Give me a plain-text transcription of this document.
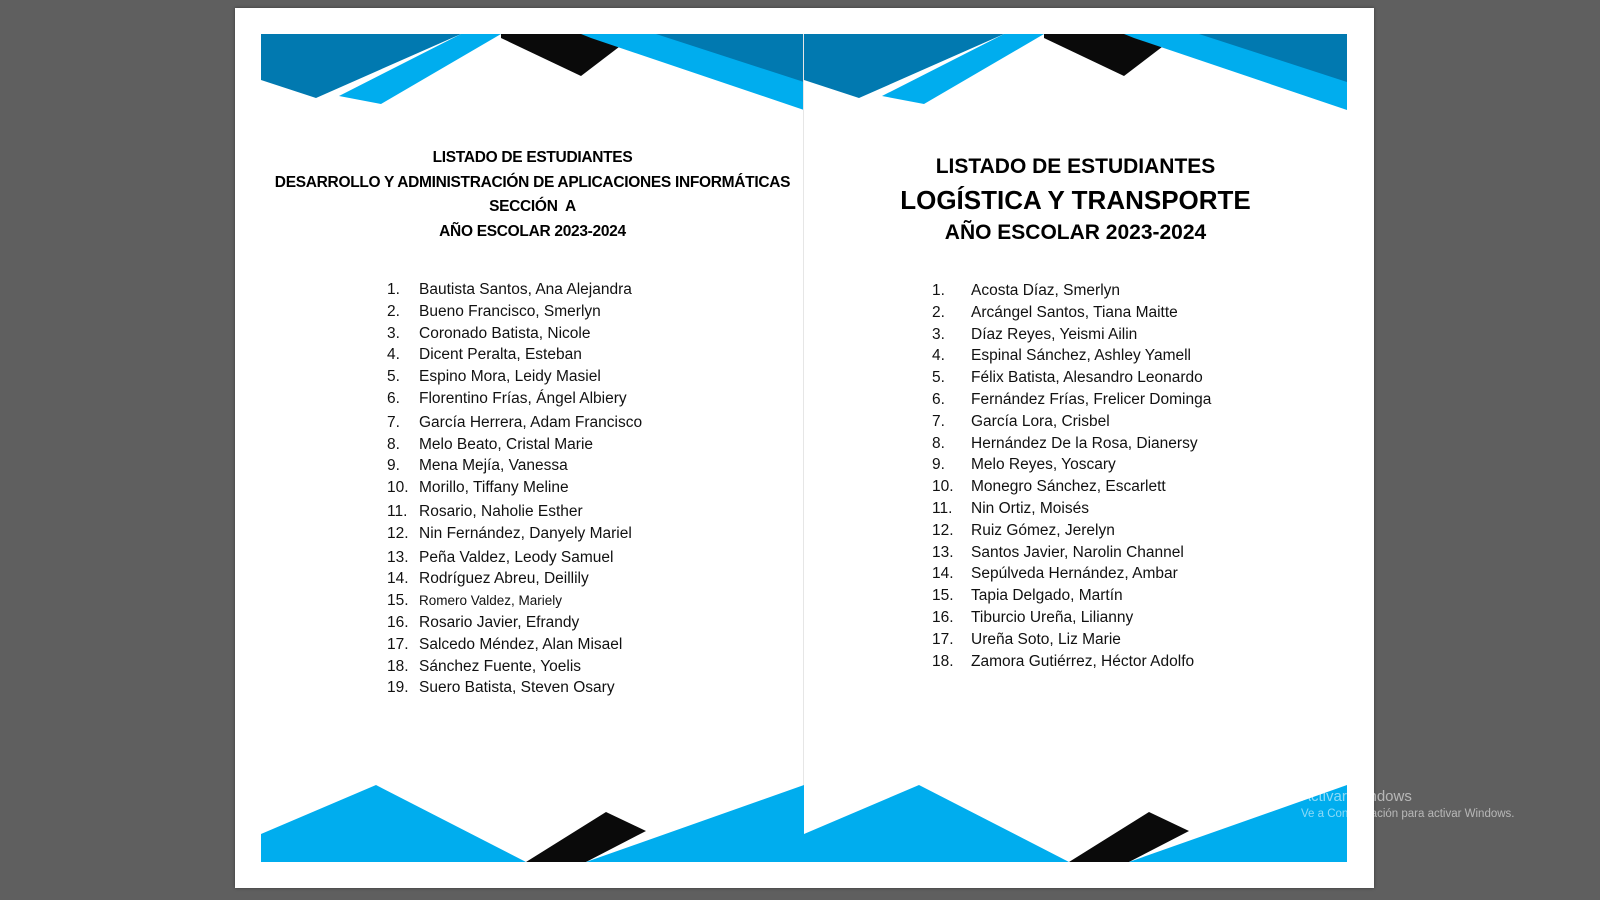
LISTADO DE ESTUDIANTES
DESARROLLO Y ADMINISTRACIÓN DE APLICACIONES INFORMÁTICAS
SECCIÓN  A
AÑO ESCOLAR 2023-2024
LISTADO DE ESTUDIANTES
LOGÍSTICA Y TRANSPORTE
AÑO ESCOLAR 2023-2024
1. Bautista Santos, Ana Alejandra
2. Bueno Francisco, Smerlyn
3. Coronado Batista, Nicole
4. Dicent Peralta, Esteban
5. Espino Mora, Leidy Masiel
6. Florentino Frías, Ángel Albiery
7. García Herrera, Adam Francisco
8. Melo Beato, Cristal Marie
9. Mena Mejía, Vanessa
10. Morillo, Tiffany Meline
11. Rosario, Naholie Esther
12. Nin Fernández, Danyely Mariel
13. Peña Valdez, Leody Samuel
14. Rodríguez Abreu, Deillily
15. Romero Valdez, Mariely
16. Rosario Javier, Efrandy
17. Salcedo Méndez, Alan Misael
18. Sánchez Fuente, Yoelis
19. Suero Batista, Steven Osary
1. Acosta Díaz, Smerlyn
2. Arcángel Santos, Tiana Maitte
3. Díaz Reyes, Yeismi Ailin
4. Espinal Sánchez, Ashley Yamell
5. Félix Batista, Alesandro Leonardo
6. Fernández Frías, Frelicer Dominga
7. García Lora, Crisbel
8. Hernández De la Rosa, Dianersy
9. Melo Reyes, Yoscary
10. Monegro Sánchez, Escarlett
11. Nin Ortiz, Moisés
12. Ruiz Gómez, Jerelyn
13. Santos Javier, Narolin Channel
14. Sepúlveda Hernández, Ambar
15. Tapia Delgado, Martín
16. Tiburcio Ureña, Lilianny
17. Ureña Soto, Liz Marie
18. Zamora Gutiérrez, Héctor Adolfo
Activar Windows
Ve a Configuración para activar Windows.
